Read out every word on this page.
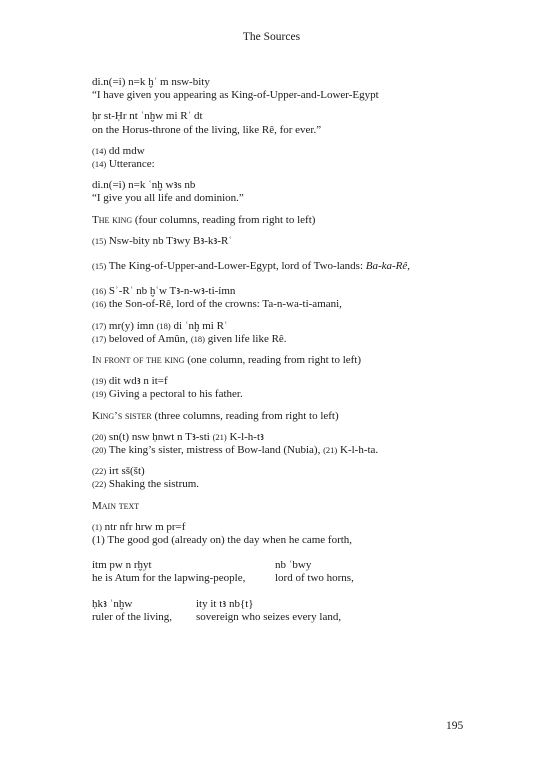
The Sources

di.n(=i) n=k ḫʿ m nsw-bity

“I have given you appearing as King-of-Upper-and-Lower-Egypt

ḥr st-Ḥr nt ʿnḫw mi Rʿ dt

on the Horus-throne of the living, like Rê, for ever.”

(14) dd mdw

(14) Utterance:

di.n(=i) n=k ʿnḫ wꜣs nb

“I give you all life and dominion.”

The king (four columns, reading from right to left)

(15) Nsw-bity nb Tꜣwy Bꜣ-kꜣ-Rʿ

(15) The King-of-Upper-and-Lower-Egypt, lord of Two-lands: Ba-ka-Rê,

(16) Sʾ-Rʿ nb ḫʿw Tꜣ-n-wꜣ-ti-ỉmn

(16) the Son-of-Rê, lord of the crowns: Ta-n-wa-ti-amani,

(17) mr(y) ỉmn (18) di ʿnḫ mi Rʿ

(17) beloved of Amûn, (18) given life like Rê.

In front of the king (one column, reading from right to left)

(19) dit wdꜣ n it=f

(19) Giving a pectoral to his father.

King’s sister (three columns, reading from right to left)

(20) sn(t) nsw ḥnwt n Tꜣ-sti (21) K-l-h-tꜣ

(20) The king’s sister, mistress of Bow-land (Nubia), (21) K-l-h-ta.

(22) irt sš(št)

(22) Shaking the sistrum.

Main text

(1) ntr nfr hrw m pr=f

(1) The good god (already on) the day when he came forth,

ỉtm pw n rḫyt	nb ʿbwy
he is Atum for the lapwing-people,	lord of two horns,
ḥkꜣ ʿnḫw	ity it tꜣ nb{t}
ruler of the living,	sovereign who seizes every land,
195
